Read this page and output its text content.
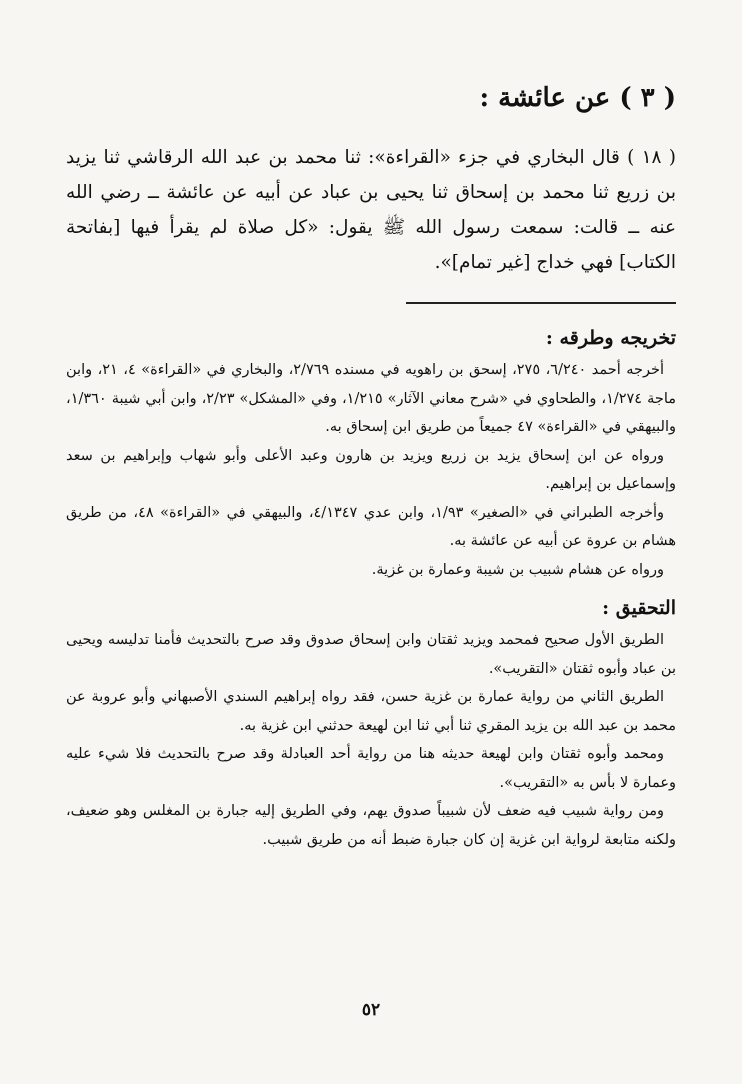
( ٣ ) عن عائشة :

( ١٨ ) قال البخاري في جزء «القراءة»: ثنا محمد بن عبد الله الرقاشي ثنا يزيد بن زريع ثنا محمد بن إسحاق ثنا يحيى بن عباد عن أبيه عن عائشة ــ رضي الله عنه ــ قالت: سمعت رسول الله ﷺ يقول: «كل صلاة لم يقرأ فيها [بفاتحة الكتاب] فهي خداج [غير تمام]».

تخريجه وطرقه :

أخرجه أحمد ٦/٢٤٠، ٢٧٥، إسحق بن راهويه في مسنده ٢/٧٦٩، والبخاري في «القراءة» ٤، ٢١، وابن ماجة ١/٢٧٤، والطحاوي في «شرح معاني الآثار» ١/٢١٥، وفي «المشكل» ٢/٢٣، وابن أبي شيبة ١/٣٦٠، والبيهقي في «القراءة» ٤٧ جميعاً من طريق ابن إسحاق به.

ورواه عن ابن إسحاق يزيد بن زريع ويزيد بن هارون وعبد الأعلى وأبو شهاب وإبراهيم بن سعد وإسماعيل بن إبراهيم.

وأخرجه الطبراني في «الصغير» ١/٩٣، وابن عدي ٤/١٣٤٧، والبيهقي في «القراءة» ٤٨، من طريق هشام بن عروة عن أبيه عن عائشة به.

ورواه عن هشام شبيب بن شيبة وعمارة بن غزية.

التحقيق :

الطريق الأول صحيح فمحمد ويزيد ثقتان وابن إسحاق صدوق وقد صرح بالتحديث فأمنا تدليسه ويحيى بن عباد وأبوه ثقتان «التقريب».

الطريق الثاني من رواية عمارة بن غزية حسن، فقد رواه إبراهيم السندي الأصبهاني وأبو عروبة عن محمد بن عبد الله بن يزيد المقري ثنا أبي ثنا ابن لهيعة حدثني ابن غزية به.

ومحمد وأبوه ثقتان وابن لهيعة حديثه هنا من رواية أحد العبادلة وقد صرح بالتحديث فلا شيء عليه وعمارة لا بأس به «التقريب».

ومن رواية شبيب فيه ضعف لأن شبيباً صدوق يهم، وفي الطريق إليه جبارة بن المغلس وهو ضعيف، ولكنه متابعة لرواية ابن غزية إن كان جبارة ضبط أنه من طريق شبيب.

٥٢
